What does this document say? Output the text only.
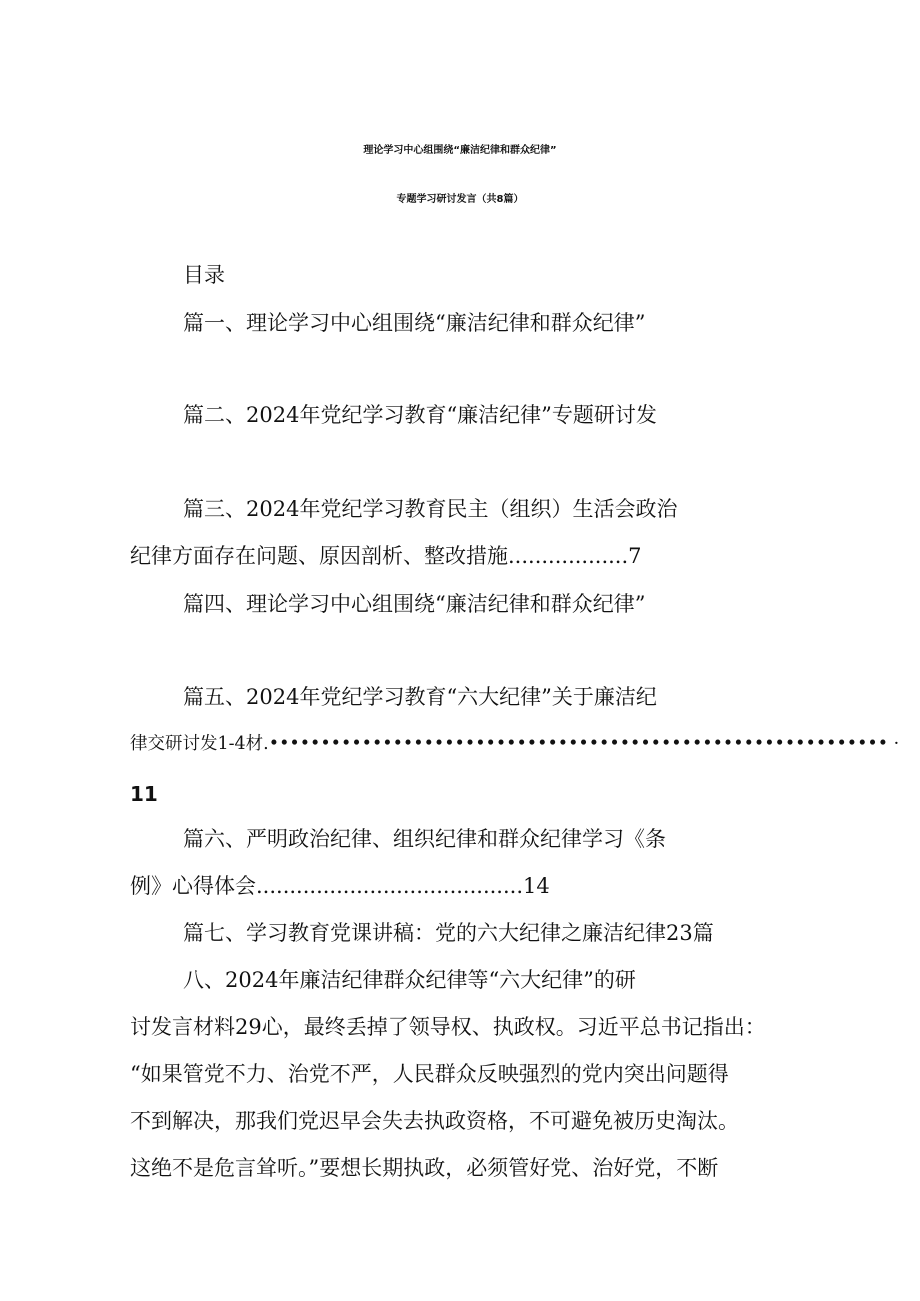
理论学习中心组围绕“廉洁纪律和群众纪律”
专题学习研讨发言（共8篇）
目录
篇一、理论学习中心组围绕“廉洁纪律和群众纪律”
篇二、2024年党纪学习教育“廉洁纪律”专题研讨发
篇三、2024年党纪学习教育民主（组织）生活会政治
纪律方面存在问题、原因剖析、整改措施..................7
篇四、理论学习中心组围绕“廉洁纪律和群众纪律”
篇五、2024年党纪学习教育“六大纪律”关于廉洁纪
律交研讨发1-4材.•••••••••••••••••••••••••••••••••••••••••••••••••••••••••••• ·
11
篇六、严明政治纪律、组织纪律和群众纪律学习《条
例》心得体会........................................14
篇七、学习教育党课讲稿：党的六大纪律之廉洁纪律23篇
八、2024年廉洁纪律群众纪律等“六大纪律”的研
讨发言材料29心，最终丢掉了领导权、执政权。习近平总书记指出：
“如果管党不力、治党不严，人民群众反映强烈的党内突出问题得
不到解决，那我们党迟早会失去执政资格，不可避免被历史淘汰。
这绝不是危言耸听。”要想长期执政，必须管好党、治好党，不断
